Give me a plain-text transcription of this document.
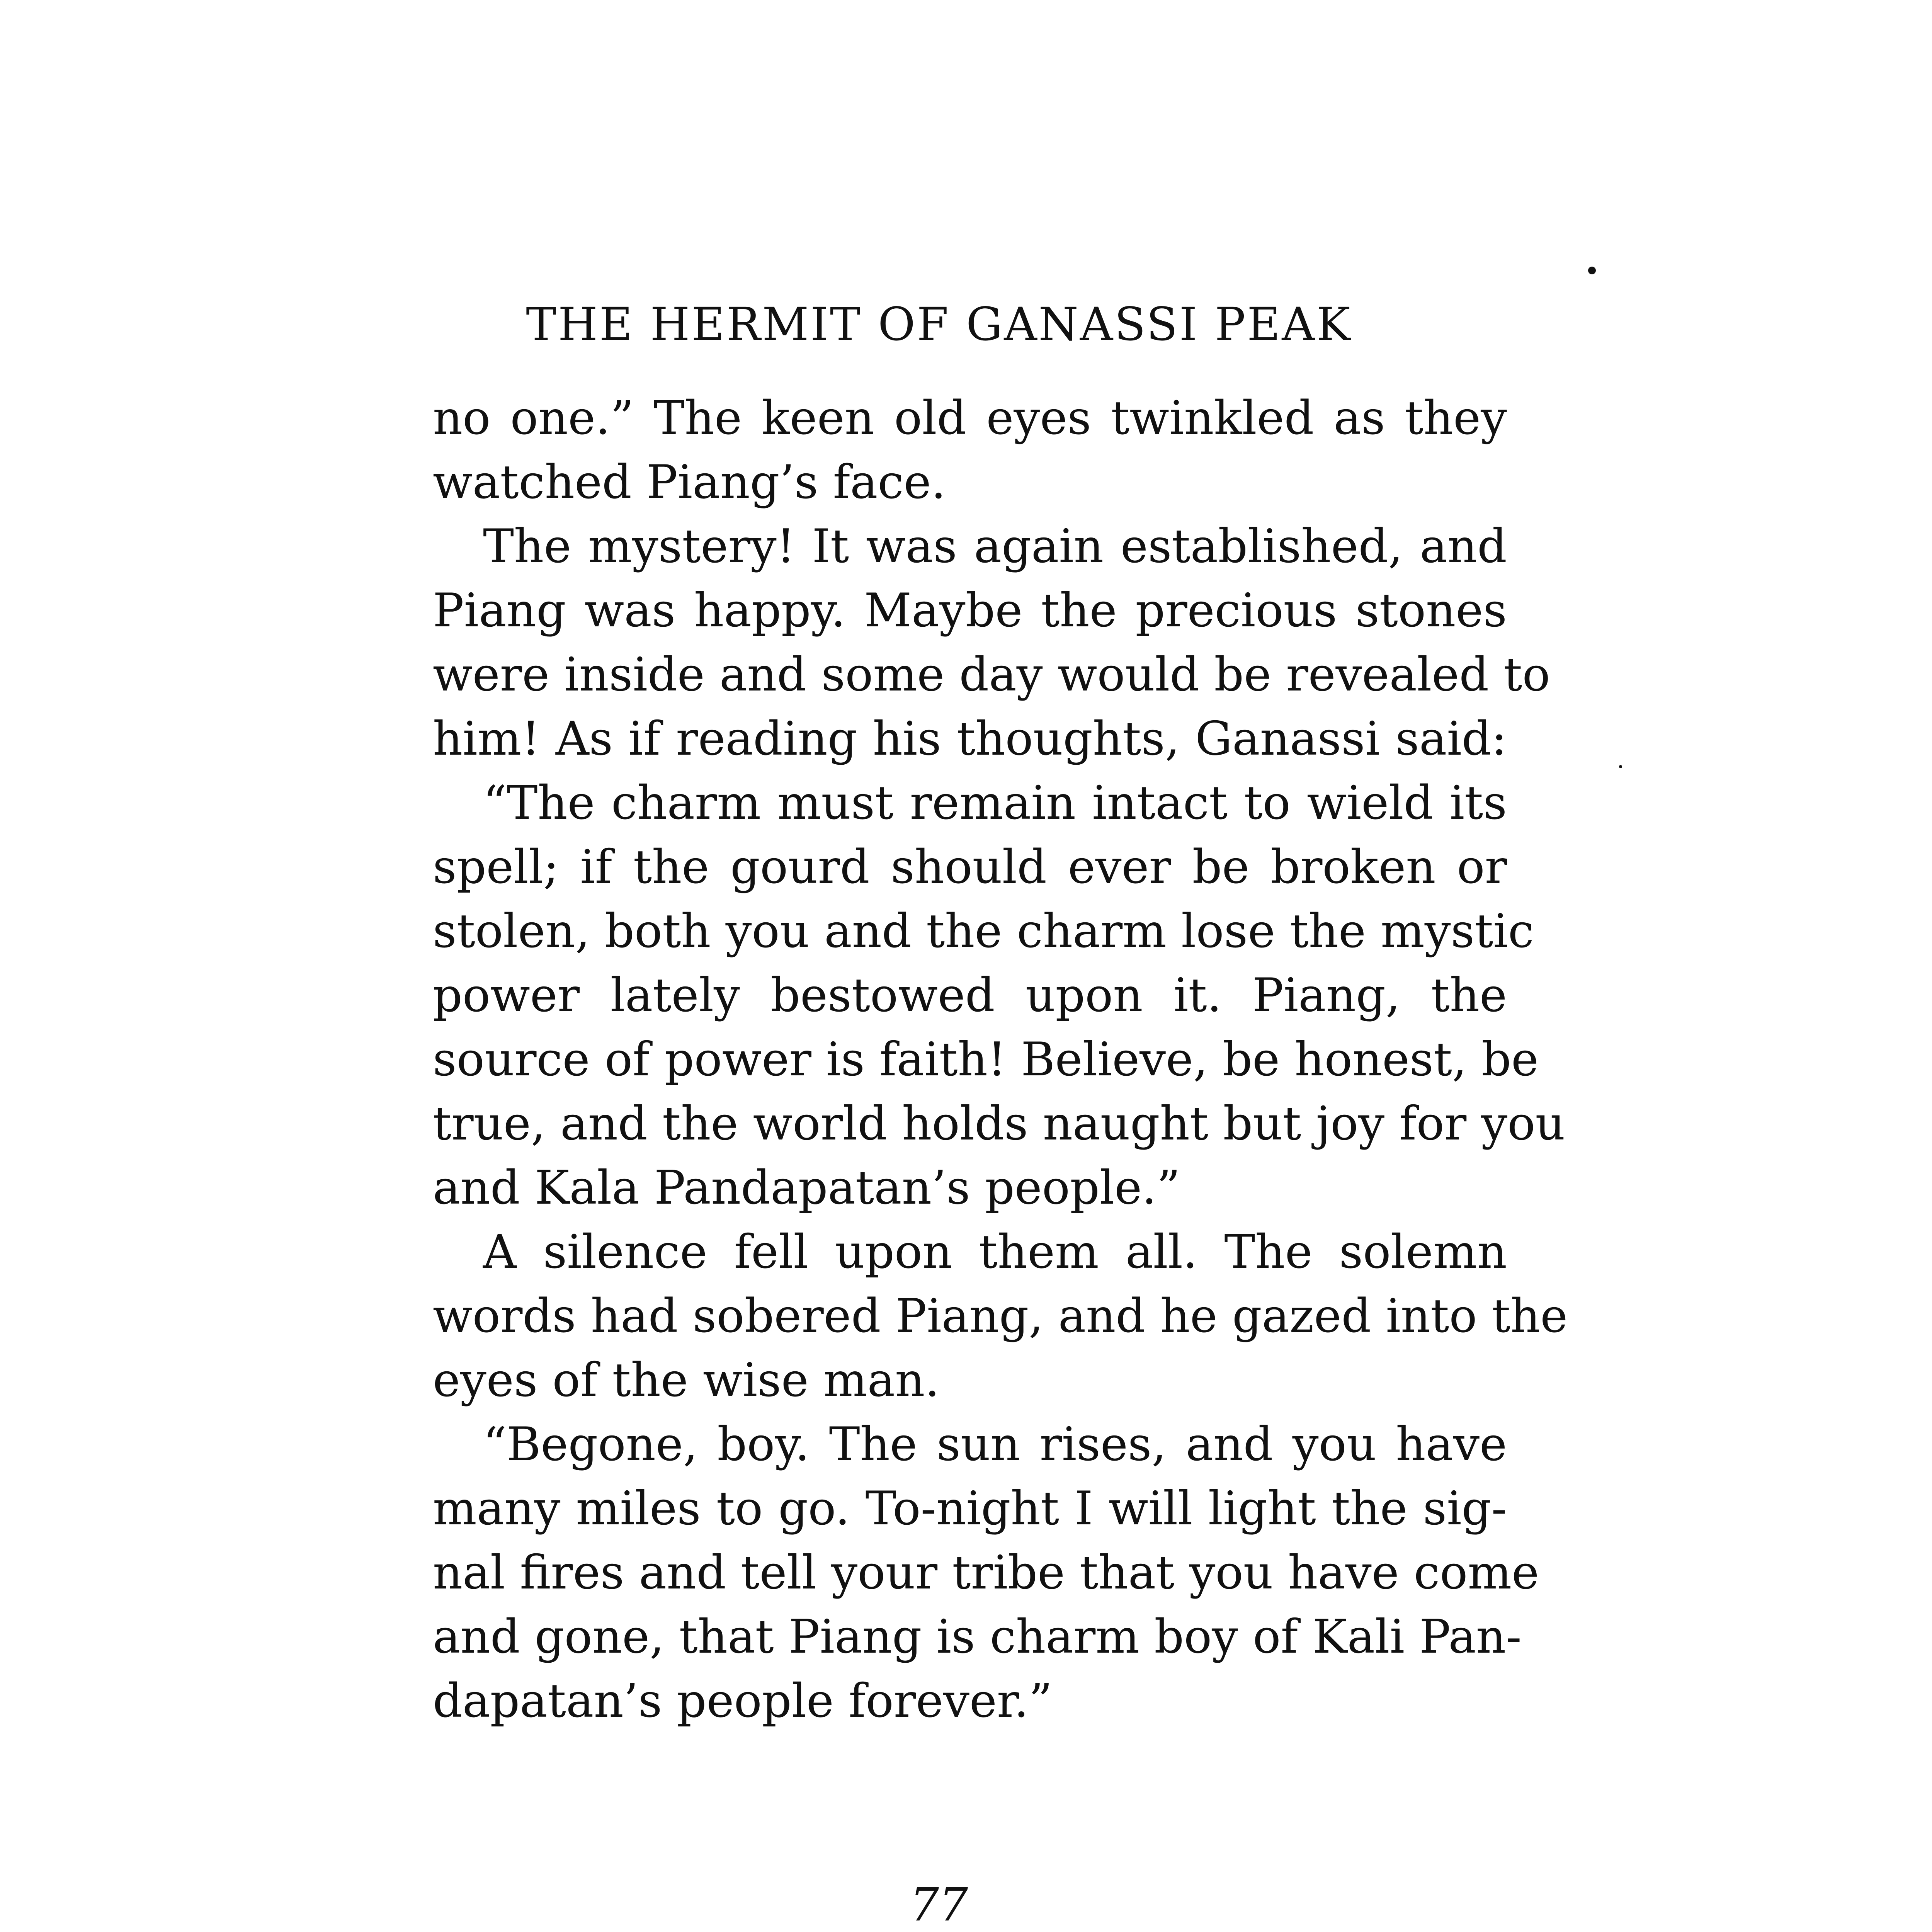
THE HERMIT OF GANASSI PEAK
no one.” The keen old eyes twinkled as they
watched Piang’s face.
The mystery! It was again established, and
Piang was happy. Maybe the precious stones
were inside and some day would be revealed to
him! As if reading his thoughts, Ganassi said:
“The charm must remain intact to wield its
spell; if the gourd should ever be broken or
stolen, both you and the charm lose the mystic
power lately bestowed upon it. Piang, the
source of power is faith! Believe, be honest, be
true, and the world holds naught but joy for you
and Kala Pandapatan’s people.”
A silence fell upon them all. The solemn
words had sobered Piang, and he gazed into the
eyes of the wise man.
“Begone, boy. The sun rises, and you have
many miles to go. To-night I will light the sig-
nal fires and tell your tribe that you have come
and gone, that Piang is charm boy of Kali Pan-
dapatan’s people forever.”
77
